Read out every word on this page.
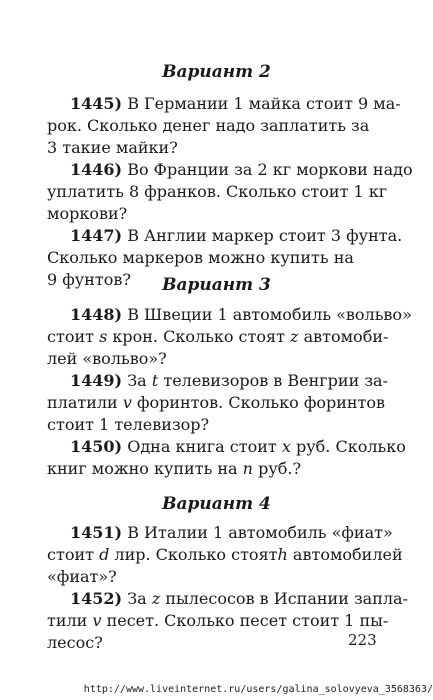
Вариант 2
1445) В Германии 1 майка стоит 9 ма-
рок. Сколько денег надо заплатить за
3 такие майки?
1446) Во Франции за 2 кг моркови надо
уплатить 8 франков. Сколько стоит 1 кг
моркови?
1447) В Англии маркер стоит 3 фунта.
Сколько маркеров можно купить на
9 фунтов?	Вариант 3
1448) В Швеции 1 автомобиль «вольво»
стоит s крон. Сколько стоят z автомоби-
лей «вольво»?
1449) За t телевизоров в Венгрии за-
платили v форинтов. Сколько форинтов
стоит 1 телевизор?
1450) Одна книга стоит x руб. Сколько
книг можно купить на n руб.?
Вариант 4
1451) В Италии 1 автомобиль «фиат»
стоит d лир. Сколько стоятh автомобилей
«фиат»?
1452) За z пылесосов в Испании запла-
тили v песет. Сколько песет стоит 1 пы-
лесос?	223
http://www.liveinternet.ru/users/galina_solovyeva_3568363/
